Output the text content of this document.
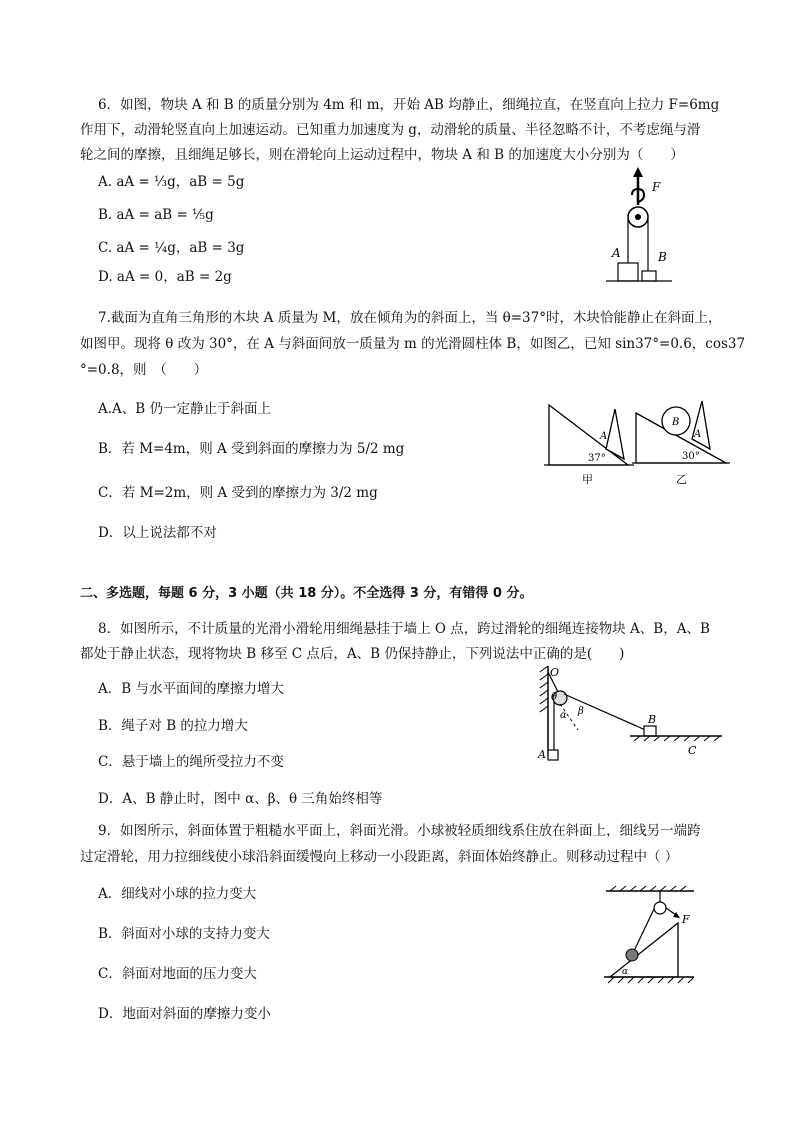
6．如图，物块 A 和 B 的质量分别为 4m 和 m，开始 AB 均静止，细绳拉直，在竖直向上拉力 F=6mg
作用下，动滑轮竖直向上加速运动。已知重力加速度为 g，动滑轮的质量、半径忽略不计，不考虑绳与滑
轮之间的摩擦，且细绳足够长，则在滑轮向上运动过程中，物块 A 和 B 的加速度大小分别为（　　）
A. aA = ⅓g，aB = 5g
B. aA = aB = ⅕g
C. aA = ¼g，aB = 3g
D. aA = 0，aB = 2g
F
A	B
7.截面为直角三角形的木块 A 质量为 M，放在倾角为的斜面上，当 θ=37°时，木块恰能静止在斜面上，
如图甲。现将 θ 改为 30°，在 A 与斜面间放一质量为 m 的光滑圆柱体 B，如图乙，已知 sin37°=0.6，cos37
°=0.8，则　（　　）
A.A、B 仍一定静止于斜面上
B．若 M=4m，则 A 受到斜面的摩擦力为 5/2 mg
C．若 M=2m，则 A 受到的摩擦力为 3/2 mg
D．以上说法都不对
A
37°
甲
B
A
30°
乙
二、多选题，每题 6 分，3 小题（共 18 分）。不全选得 3 分，有错得 0 分。
8．如图所示，不计质量的光滑小滑轮用细绳悬挂于墙上 O 点，跨过滑轮的细绳连接物块 A、B，A、B
都处于静止状态，现将物块 B 移至 C 点后，A、B 仍保持静止，下列说法中正确的是(　　)
A．B 与水平面间的摩擦力增大
B．绳子对 B 的拉力增大
C．悬于墙上的绳所受拉力不变
D．A、B 静止时，图中 α、β、θ 三角始终相等
O
θ
α β
A
B
C
9．如图所示，斜面体置于粗糙水平面上，斜面光滑。小球被轻质细线系住放在斜面上，细线另一端跨
过定滑轮，用力拉细线使小球沿斜面缓慢向上移动一小段距离，斜面体始终静止。则移动过程中（ ）
A．细线对小球的拉力变大
B．斜面对小球的支持力变大
C．斜面对地面的压力变大
D．地面对斜面的摩擦力变小
F
α
